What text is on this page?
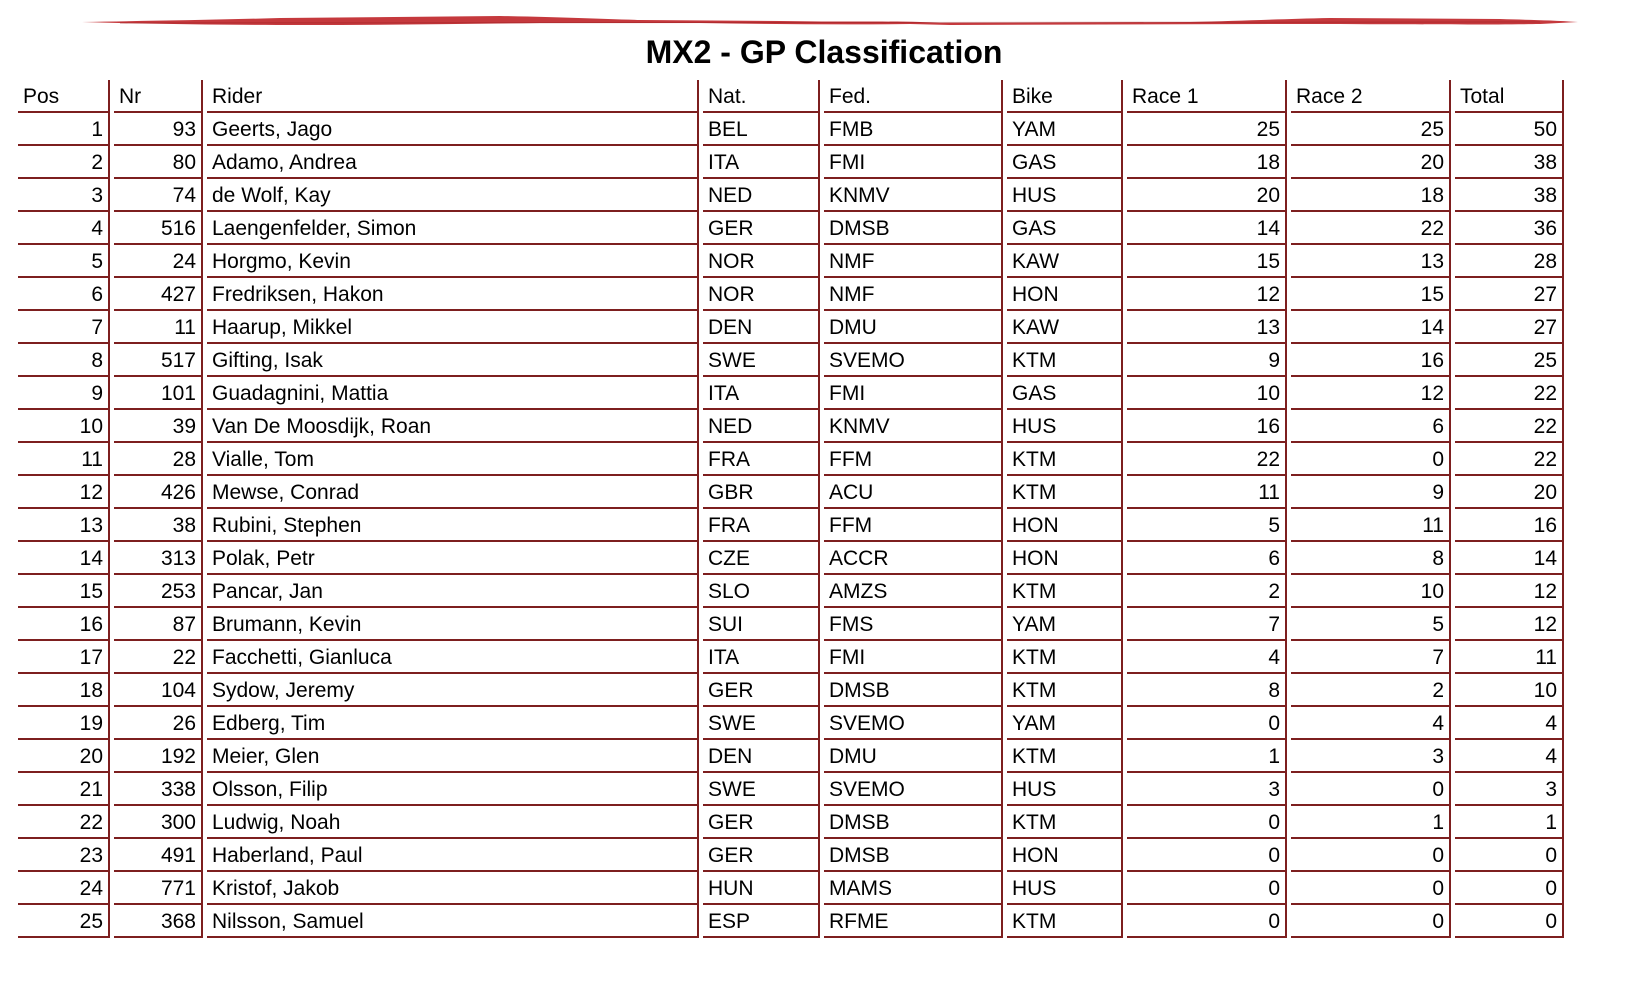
MX2 - GP Classification
Pos	Nr	Rider	Nat.	Fed.	Bike	Race 1	Race 2	Total
1	93	Geerts, Jago	BEL	FMB	YAM	25	25	50
2	80	Adamo, Andrea	ITA	FMI	GAS	18	20	38
3	74	de Wolf, Kay	NED	KNMV	HUS	20	18	38
4	516	Laengenfelder, Simon	GER	DMSB	GAS	14	22	36
5	24	Horgmo, Kevin	NOR	NMF	KAW	15	13	28
6	427	Fredriksen, Hakon	NOR	NMF	HON	12	15	27
7	11	Haarup, Mikkel	DEN	DMU	KAW	13	14	27
8	517	Gifting, Isak	SWE	SVEMO	KTM	9	16	25
9	101	Guadagnini, Mattia	ITA	FMI	GAS	10	12	22
10	39	Van De Moosdijk, Roan	NED	KNMV	HUS	16	6	22
11	28	Vialle, Tom	FRA	FFM	KTM	22	0	22
12	426	Mewse, Conrad	GBR	ACU	KTM	11	9	20
13	38	Rubini, Stephen	FRA	FFM	HON	5	11	16
14	313	Polak, Petr	CZE	ACCR	HON	6	8	14
15	253	Pancar, Jan	SLO	AMZS	KTM	2	10	12
16	87	Brumann, Kevin	SUI	FMS	YAM	7	5	12
17	22	Facchetti, Gianluca	ITA	FMI	KTM	4	7	11
18	104	Sydow, Jeremy	GER	DMSB	KTM	8	2	10
19	26	Edberg, Tim	SWE	SVEMO	YAM	0	4	4
20	192	Meier, Glen	DEN	DMU	KTM	1	3	4
21	338	Olsson, Filip	SWE	SVEMO	HUS	3	0	3
22	300	Ludwig, Noah	GER	DMSB	KTM	0	1	1
23	491	Haberland, Paul	GER	DMSB	HON	0	0	0
24	771	Kristof, Jakob	HUN	MAMS	HUS	0	0	0
25	368	Nilsson, Samuel	ESP	RFME	KTM	0	0	0
